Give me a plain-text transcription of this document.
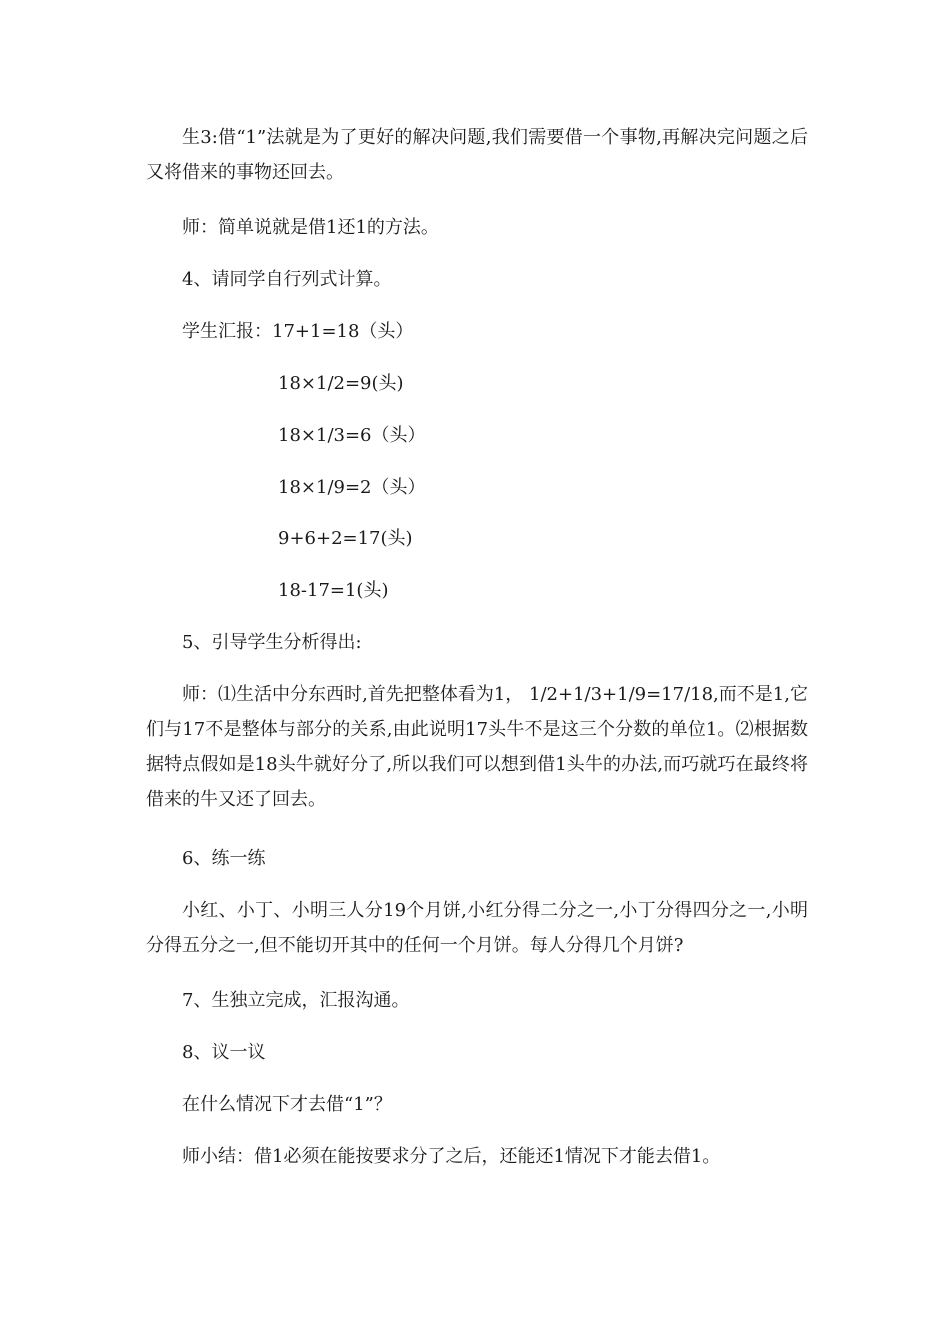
生3:借“1”法就是为了更好的解决问题,我们需要借一个事物,再解决完问题之后又将借来的事物还回去。

师：简单说就是借1还1的方法。

4、请同学自行列式计算。

学生汇报：17+1=18（头）

18×1/2=9(头)

18×1/3=6（头）

18×1/9=2（头）

9+6+2=17(头)

18-17=1(头)

5、引导学生分析得出:

师：⑴生活中分东西时,首先把整体看为1， 1/2+1/3+1/9=17/18,而不是1,它们与17不是整体与部分的关系,由此说明17头牛不是这三个分数的单位1。⑵根据数据特点假如是18头牛就好分了,所以我们可以想到借1头牛的办法,而巧就巧在最终将借来的牛又还了回去。

6、练一练

小红、小丁、小明三人分19个月饼,小红分得二分之一,小丁分得四分之一,小明分得五分之一,但不能切开其中的任何一个月饼。每人分得几个月饼?

7、生独立完成，汇报沟通。

8、议一议

在什么情况下才去借“1”？

师小结：借1必须在能按要求分了之后，还能还1情况下才能去借1。
